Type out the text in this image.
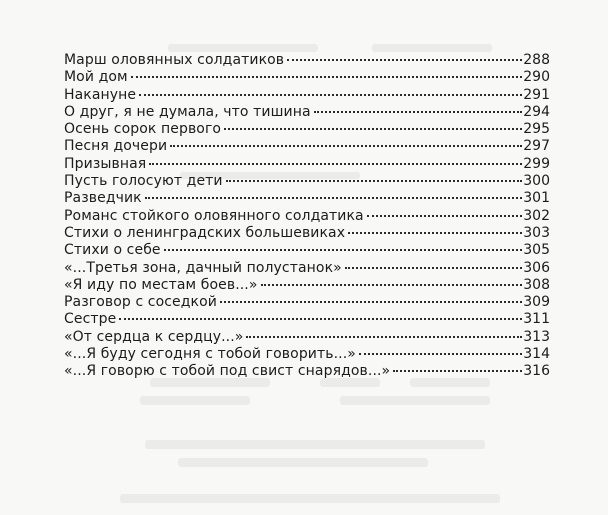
Марш оловянных солдатиков	288
Мой дом	290
Накануне	291
О друг, я не думала, что тишина	294
Осень сорок первого	295
Песня дочери	297
Призывная	299
Пусть голосуют дети	300
Разведчик	301
Романс стойкого оловянного солдатика	302
Стихи о ленинградских большевиках	303
Стихи о себе	305
«...Третья зона, дачный полустанок»	306
«Я иду по местам боев...»	308
Разговор с соседкой	309
Сестре	311
«От сердца к сердцу...»	313
«...Я буду сегодня с тобой говорить...»	314
«...Я говорю с тобой под свист снарядов...»	316
